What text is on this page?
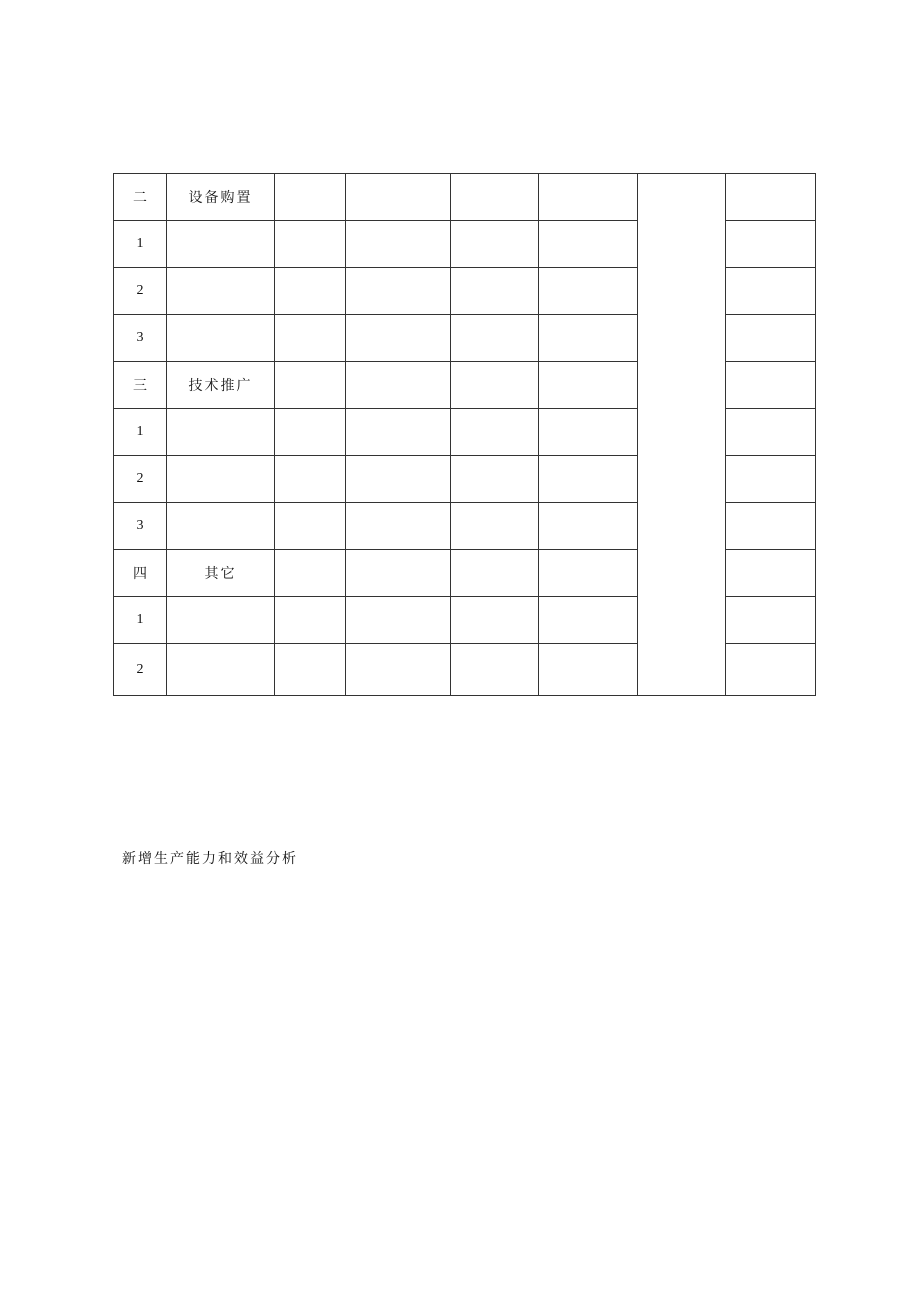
二	设备购置						
1							
2							
3							
三	技术推广						
1							
2							
3							
四	其它						
1							
2							
新增生产能力和效益分析
